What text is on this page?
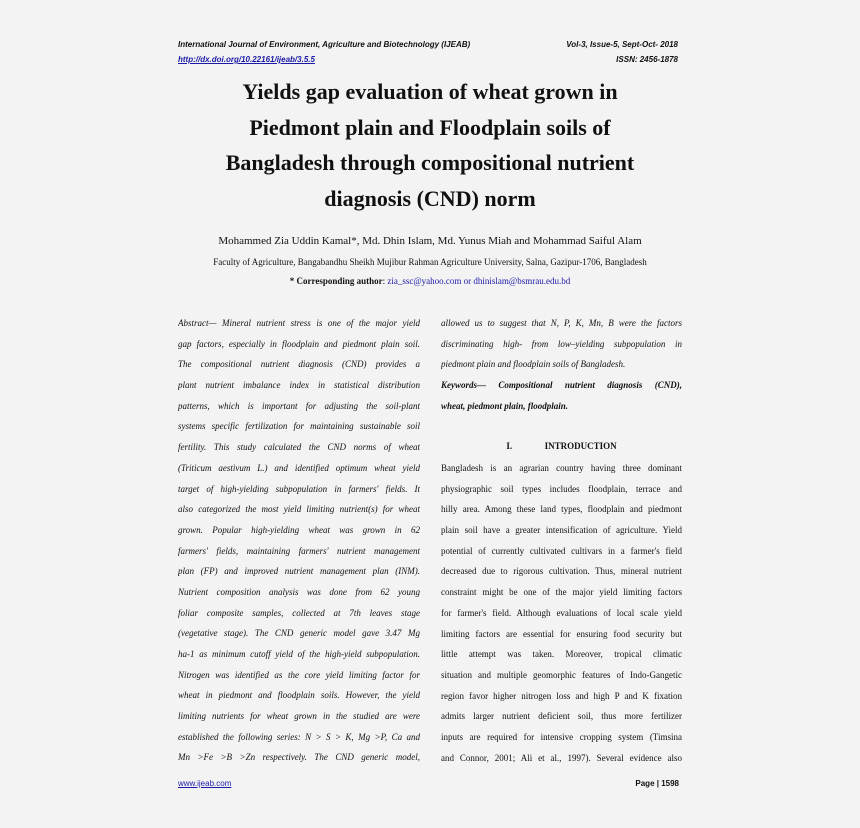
International Journal of Environment, Agriculture and Biotechnology (IJEAB)
http://dx.doi.org/10.22161/ijeab/3.5.5
Vol-3, Issue-5, Sept-Oct- 2018
ISSN: 2456-1878
Yields gap evaluation of wheat grown in
Piedmont plain and Floodplain soils of
Bangladesh through compositional nutrient
diagnosis (CND) norm
Mohammed Zia Uddin Kamal*, Md. Dhin Islam, Md. Yunus Miah and Mohammad Saiful Alam
Faculty of Agriculture, Bangabandhu Sheikh Mujibur Rahman Agriculture University, Salna, Gazipur-1706, Bangladesh
* Corresponding author: zia_ssc@yahoo.com or dhinislam@bsmrau.edu.bd
Abstract— Mineral nutrient stress is one of the major yield
gap factors, especially in floodplain and piedmont plain soil.
The compositional nutrient diagnosis (CND) provides a
plant nutrient imbalance index in statistical distribution
patterns, which is important for adjusting the soil-plant
systems specific fertilization for maintaining sustainable soil
fertility. This study calculated the CND norms of wheat
(Triticum aestivum L.) and identified optimum wheat yield
target of high-yielding subpopulation in farmers' fields. It
also categorized the most yield limiting nutrient(s) for wheat
grown. Popular high-yielding wheat was grown in 62
farmers' fields, maintaining farmers' nutrient management
plan (FP) and improved nutrient management plan (INM).
Nutrient composition analysis was done from 62 young
foliar composite samples, collected at 7th leaves stage
(vegetative stage). The CND generic model gave 3.47 Mg
ha-1 as minimum cutoff yield of the high-yield subpopulation.
Nitrogen was identified as the core yield limiting factor for
wheat in piedmont and floodplain soils. However, the yield
limiting nutrients for wheat grown in the studied are were
established the following series: N > S > K, Mg >P, Ca and
Mn >Fe >B >Zn respectively. The CND generic model,
allowed us to suggest that N, P, K, Mn, B were the factors
discriminating high- from low–yielding subpopulation in
piedmont plain and floodplain soils of Bangladesh.
Keywords— Compositional nutrient diagnosis (CND),
wheat, piedmont plain, floodplain.
I.	INTRODUCTION
Bangladesh is an agrarian country having three dominant
physiographic soil types includes floodplain, terrace and
hilly area. Among these land types, floodplain and piedmont
plain soil have a greater intensification of agriculture. Yield
potential of currently cultivated cultivars in a farmer's field
decreased due to rigorous cultivation. Thus, mineral nutrient
constraint might be one of the major yield limiting factors
for farmer's field. Although evaluations of local scale yield
limiting factors are essential for ensuring food security but
little attempt was taken. Moreover, tropical climatic
situation and multiple geomorphic features of Indo-Gangetic
region favor higher nitrogen loss and high P and K fixation
admits larger nutrient deficient soil, thus more fertilizer
inputs are required for intensive cropping system (Timsina
and Connor, 2001; Ali et al., 1997). Several evidence also
www.ijeab.com	Page | 1598
